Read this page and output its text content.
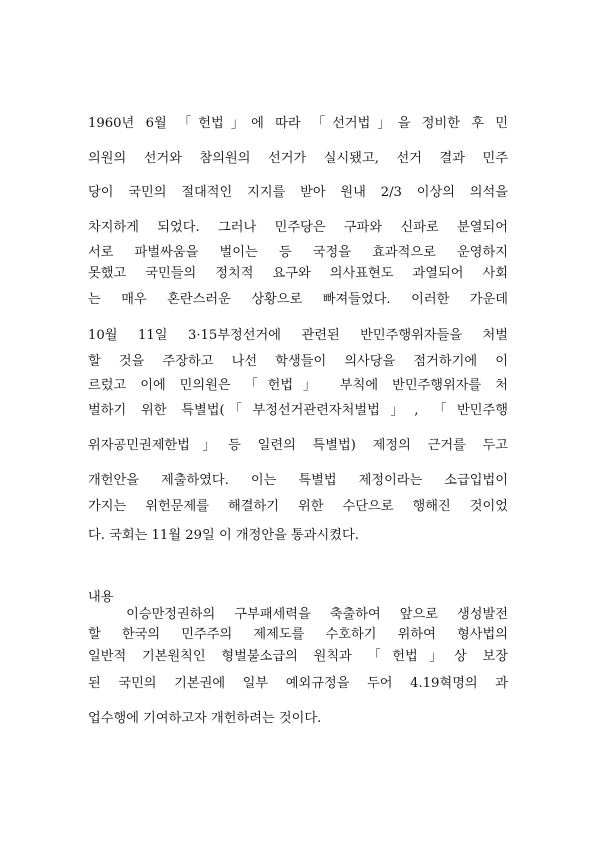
1960년 6월 「헌법」에 따라 「선거법」을 정비한 후 민
의원의 선거와 참의원의 선거가 실시됐고, 선거 결과 민주
당이 국민의 절대적인 지지를 받아 원내 2/3 이상의 의석을
차지하게 되었다. 그러나 민주당은 구파와 신파로 분열되어
서로 파벌싸움을 벌이는 등 국정을 효과적으로 운영하지
못했고 국민들의 정치적 요구와 의사표현도 과열되어 사회
는 매우 혼란스러운 상황으로 빠져들었다. 이러한 가운데
10월 11일 3·15부정선거에 관련된 반민주행위자들을 처벌
할 것을 주장하고 나선 학생들이 의사당을 점거하기에 이
르렀고 이에 민의원은 「헌법」 부칙에 반민주행위자를 처
벌하기 위한 특별법(「부정선거관련자처벌법」, 「반민주행
위자공민권제한법」등 일련의 특별법) 제정의 근거를 두고
개헌안을 제출하였다. 이는 특별법 제정이라는 소급입법이
가지는 위헌문제를 해결하기 위한 수단으로 행해진 것이었
다. 국회는 11월 29일 이 개정안을 통과시켰다.
내용
이승만정권하의 구부패세력을 축출하여 앞으로 생성발전
할 한국의 민주주의 제제도를 수호하기 위하여 형사법의
일반적 기본원칙인 형벌불소급의 원칙과 「헌법」상 보장
된 국민의 기본권에 일부 예외규정을 두어 4.19혁명의 과
업수행에 기여하고자 개헌하려는 것이다.
